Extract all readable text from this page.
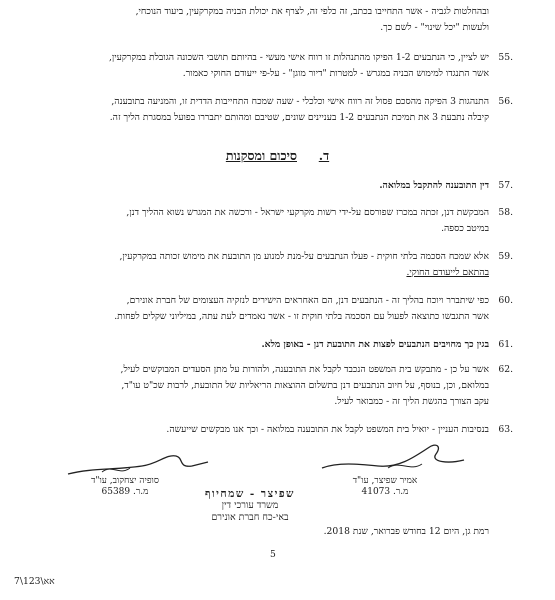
ובהחלטות לגביה - אשר התחייבו בכתב, זה כלפי זה, לצרף את יכולת הבניה במקרקעין, ביעוד הנוכחי,
ולעשות "יכל שינוי" - לשם כך.
55.
יש לציין, כי הנתבעים 1-2 הפיקו מהתנהלות זו רווח אישי מעשי - בהיותם תושבי השכונה הגובלת במקרקעין,
אשר התנגדו למימוש הבניה במגרש - למטרות "דיור מוגן" - על-פי ייעודם החוקי כאמור.
56.
התנהגות 3 הפיקה מהסכם פסול זה רווח אישי וכלכלי - שעה שמכח התחייבות הדדית זו, והמניעה בתובענה,
קיבלה נתבעת 3 את תמיכת הנתבעים 1-2 בעניינים שונים, שטיבם ומהותם יתבררו בפועל במסגרת הליך זה.
ד.     סיכום ומסקנות
57.
דין התובענה להתקבל במלואה.
58.
המבקשת דנן, זכתה במכרז שפורסם על-ידי רשות מקרקעי ישראל - ורכשה את המגרש נשוא ההליך דנן,
במיטב כספה.
59.
אלא שמכח הסכמה בלתי חוקית - פעלו הנתבעים על-מנת למנוע מן התובעת את מימוש זכותה במקרקעין,
בהתאם לייעודם החוקי.
60.
כפי שיתברר ויוכח בהליך זה - הנתבעים דנן, הם האחראים הישירים לנזקיה העצומים של חברת אונירם,
אשר התגבשו כתוצאה לפעול עם הסכמה בלתי חוקית זו - אשר נאמדים לעת עתה, במיליוני שקלים לפחות.
61.
בגין כך מחויבים הנתבעים לפצות את התובעת דנן - באופן מלא.
62.
אשר על כן - מתבקש בית המשפט הנכבד לקבל את התובענה, ולהורות על מתן הסעדים המבוקשים לעיל,
במלואם, וכן, בנוסף, על חיוב הנתבעים דנן בתשלום ההוצאות הריאליות של התובעת, לרבות שכ"ט עו"ד,
עקב הצורך בהגשת הליך זה - כמבואר לעיל.
63.
בנסיבות העניין - יואיל בית המשפט לקבל את התובענה במלואה - וכך אנו מבקשים שייעשה.
אמיר שפיצר, עו"ד
מ.ר. 41073
סופיה יצחקוב, עו"ד
מ.ר. 65389	שפיצר - שמחיוף
משרד עורכי דין
באי-כח חברת אונירם
רמת גן, היום 12 בחודש פברואר, שנת 2018.
5
אא\123\7
